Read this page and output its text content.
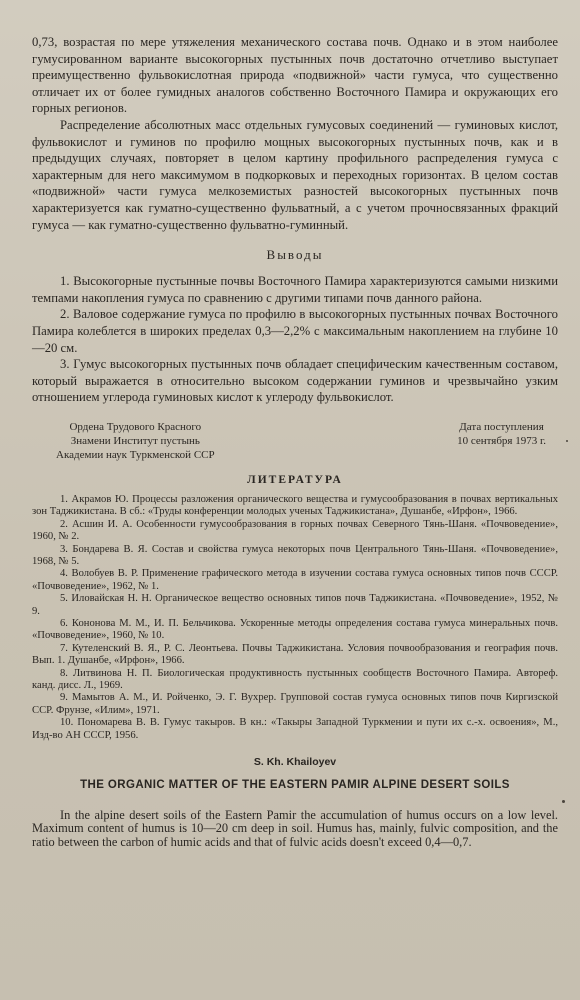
0,73, возрастая по мере утяжеления механического состава почв. Однако и в этом наиболее гумусированном варианте высокогорных пустынных почв достаточно отчетливо выступает преимущественно фульвокислотная природа «подвижной» части гумуса, что существенно отличает их от более гумидных аналогов собственно Восточного Памира и окружающих его горных регионов.

Распределение абсолютных масс отдельных гумусовых соединений — гуминовых кислот, фульвокислот и гуминов по профилю мощных высокогорных пустынных почв, как и в предыдущих случаях, повторяет в целом картину профильного распределения гумуса с характерным для него максимумом в подкорковых и переходных горизонтах. В целом состав «подвижной» части гумуса мелкоземистых разностей высокогорных пустынных почв характеризуется как гуматно-существенно фульватный, а с учетом прочносвязанных фракций гумуса — как гуматно-существенно фульватно-гуминный.

Выводы

1. Высокогорные пустынные почвы Восточного Памира характеризуются самыми низкими темпами накопления гумуса по сравнению с другими типами почв данного района.

2. Валовое содержание гумуса по профилю в высокогорных пустынных почвах Восточного Памира колеблется в широких пределах 0,3—2,2% с максимальным накоплением на глубине 10—20 см.

3. Гумус высокогорных пустынных почв обладает специфическим качественным составом, который выражается в относительно высоком содержании гуминов и чрезвычайно узким отношением углерода гуминовых кислот к углероду фульвокислот.

Ордена Трудового Красного
Знамени Институт пустынь
Академии наук Туркменской ССР
Дата поступления
10 сентября 1973 г.
ЛИТЕРАТУРА

1. Акрамов Ю. Процессы разложения органического вещества и гумусообразования в почвах вертикальных зон Таджикистана. В сб.: «Труды конференции молодых ученых Таджикистана», Душанбе, «Ирфон», 1966.

2. Асшин И. А. Особенности гумусообразования в горных почвах Северного Тянь-Шаня. «Почвоведение», 1960, № 2.

3. Бондарева В. Я. Состав и свойства гумуса некоторых почв Центрального Тянь-Шаня. «Почвоведение», 1968, № 5.

4. Волобуев В. Р. Применение графического метода в изучении состава гумуса основных типов почв СССР. «Почвоведение», 1962, № 1.

5. Иловайская Н. Н. Органическое вещество основных типов почв Таджикистана. «Почвоведение», 1952, № 9.

6. Кононова М. М., И. П. Бельчикова. Ускоренные методы определения состава гумуса минеральных почв. «Почвоведение», 1960, № 10.

7. Кутеленский В. Я., Р. С. Леонтьева. Почвы Таджикистана. Условия почвообразования и география почв. Вып. 1. Душанбе, «Ирфон», 1966.

8. Литвинова Н. П. Биологическая продуктивность пустынных сообществ Восточного Памира. Автореф. канд. дисс. Л., 1969.

9. Мамытов А. М., И. Ройченко, Э. Г. Вухрер. Групповой состав гумуса основных типов почв Киргизской ССР. Фрунзе, «Илим», 1971.

10. Пономарева В. В. Гумус такыров. В кн.: «Такыры Западной Туркмении и пути их с.-х. освоения», М., Изд-во АН СССР, 1956.

S. Kh. Khailoyev
THE ORGANIC MATTER OF THE EASTERN PAMIR ALPINE DESERT SOILS

In the alpine desert soils of the Eastern Pamir the accumulation of humus occurs on a low level. Maximum content of humus is 10—20 cm deep in soil. Humus has, mainly, fulvic composition, and the ratio between the carbon of humic acids and that of fulvic acids doesn't exceed 0,4—0,7.
